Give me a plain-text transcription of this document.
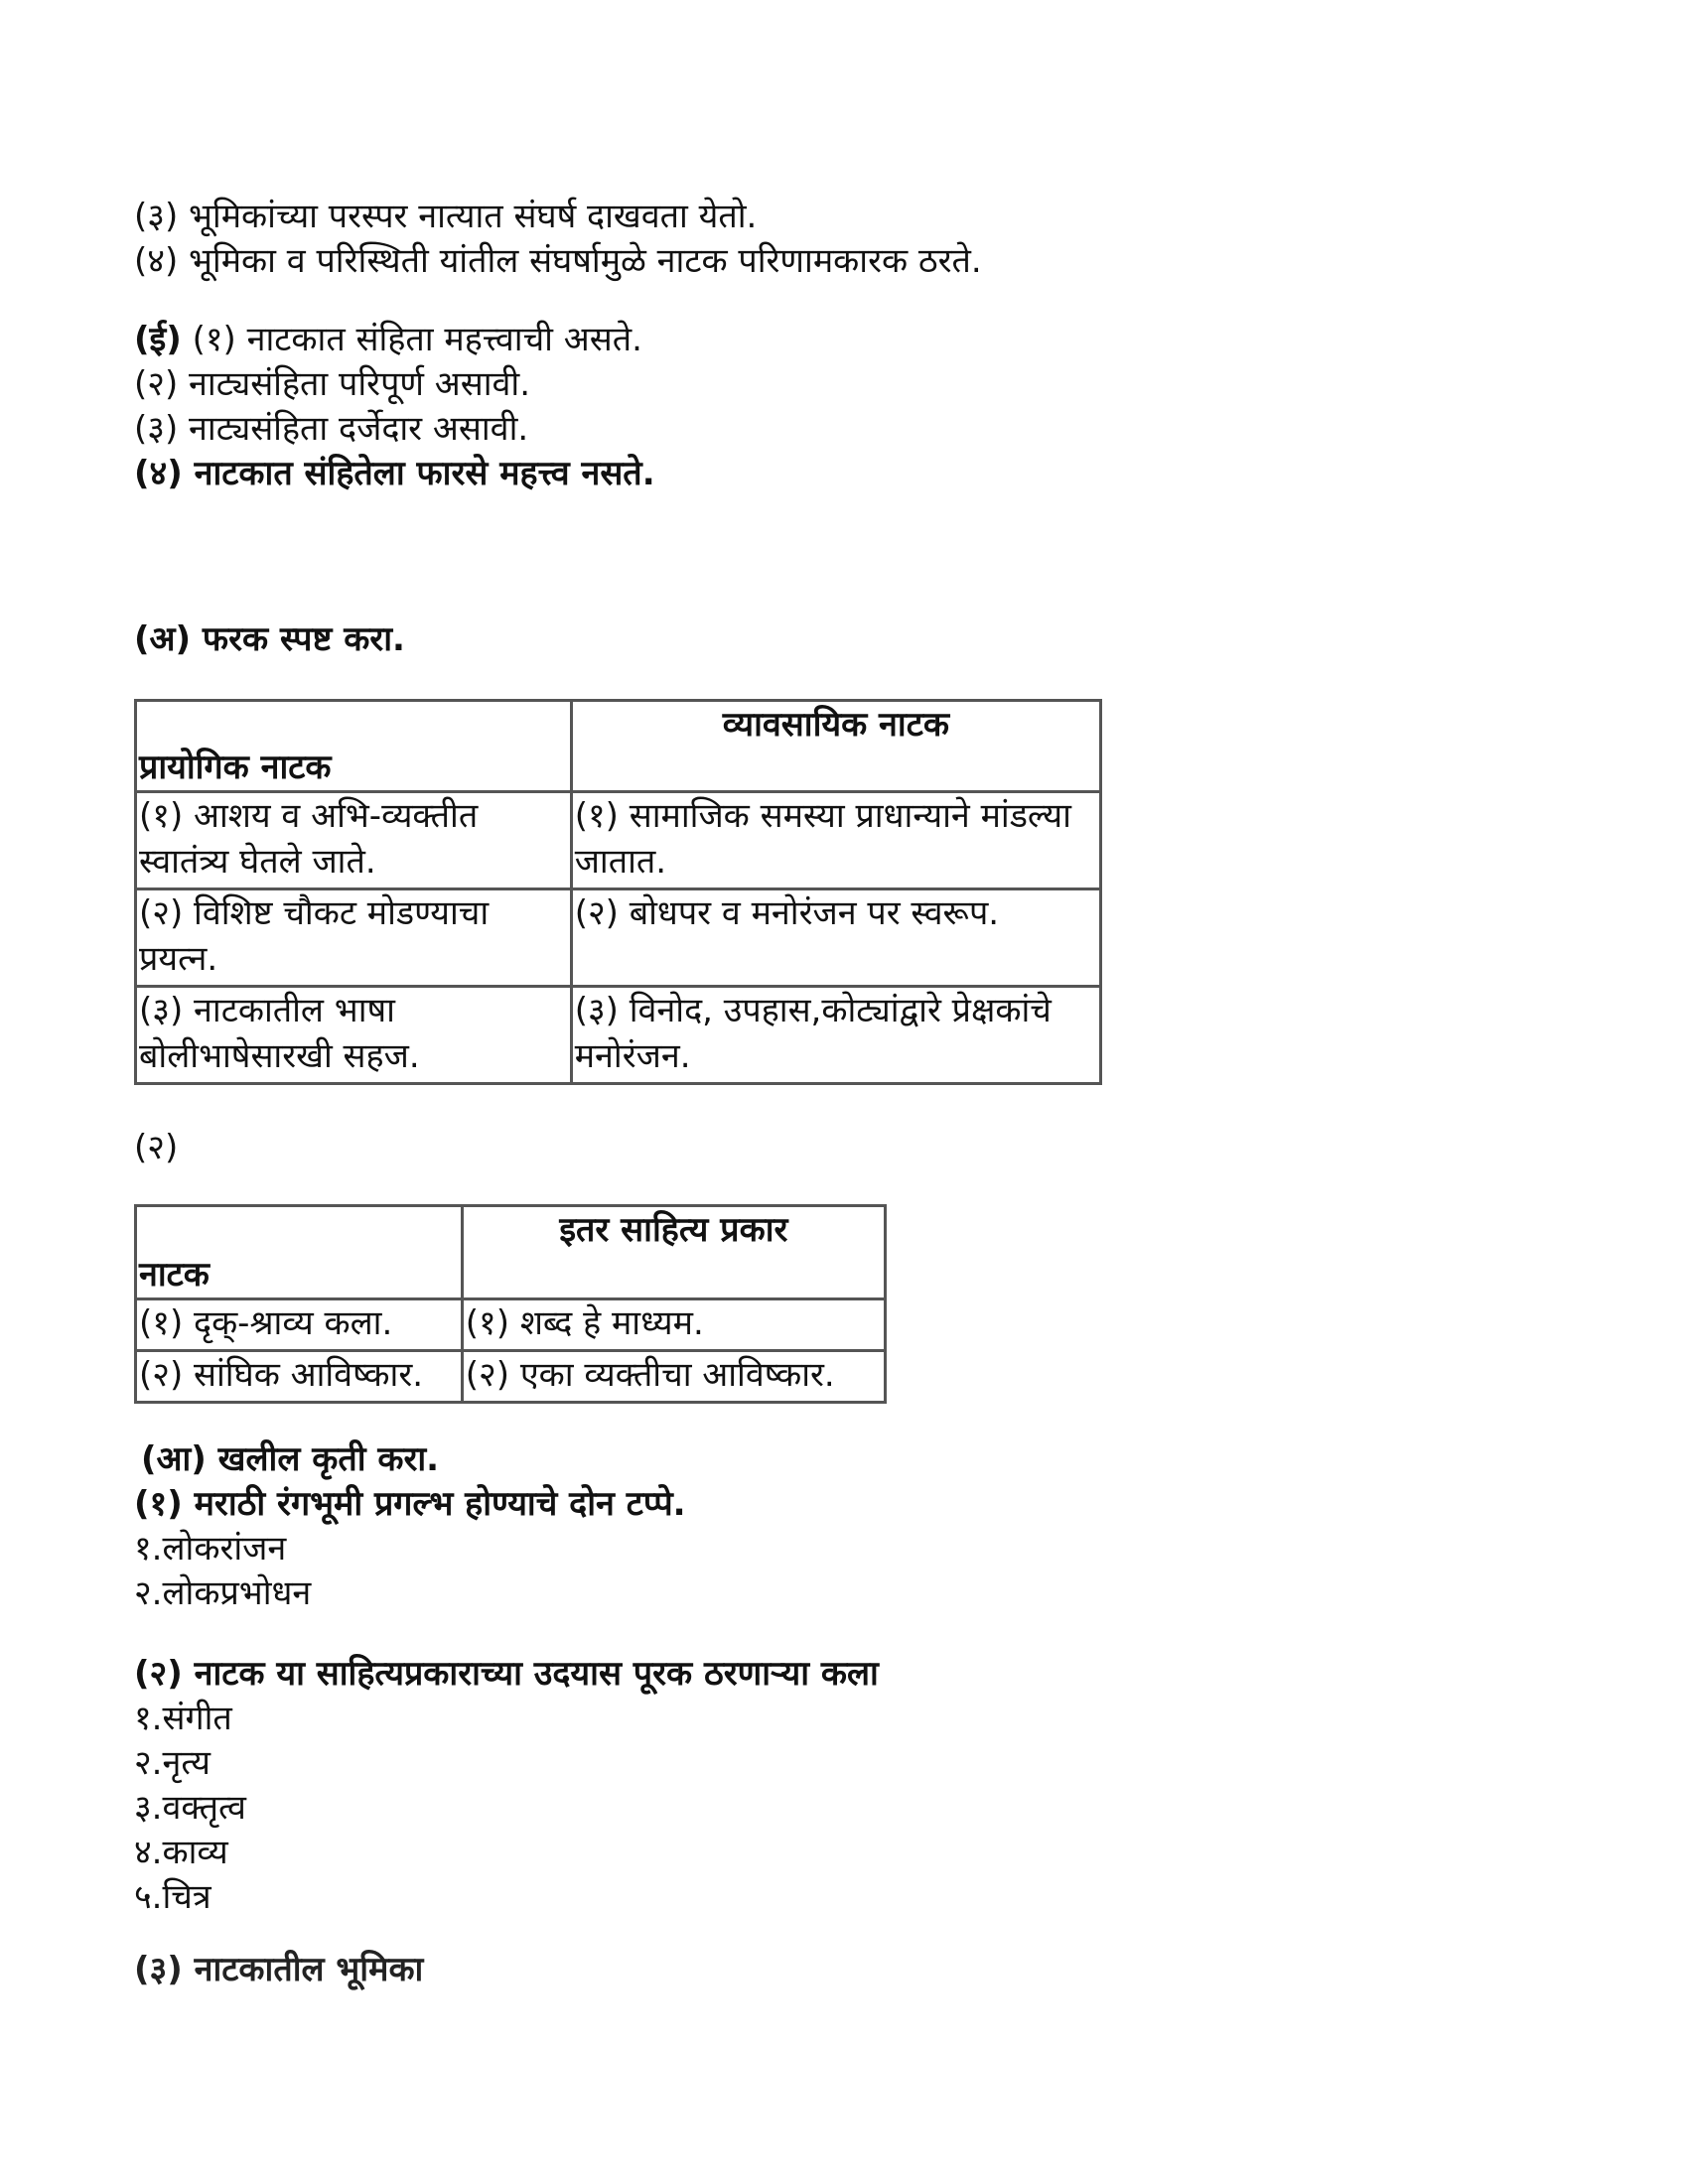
(३) भूमिकांच्या परस्पर नात्यात संघर्ष दाखवता येतो.
(४) भूमिका व परिस्थिती यांतील संघर्षामुळे नाटक परिणामकारक ठरते.
(ई) (१) नाटकात संहिता महत्त्वाची असते.
(२) नाट्यसंहिता परिपूर्ण असावी.
(३) नाट्यसंहिता दर्जेदार असावी.
(४) नाटकात संहितेला फारसे महत्त्व नसते.
(अ) फरक स्पष्ट करा.
प्रायोगिक नाटक	व्यावसायिक नाटक
(१) आशय व अभि-व्यक्तीत स्वातंत्र्य घेतले जाते.	(१) सामाजिक समस्या प्राधान्याने मांडल्या जातात.
(२) विशिष्ट चौकट मोडण्याचा प्रयत्न.	(२) बोधपर व मनोरंजन पर स्वरूप.
(३) नाटकातील भाषा बोलीभाषेसारखी सहज.	(३) विनोद, उपहास,कोट्यांद्वारे प्रेक्षकांचे मनोरंजन.
(२)
नाटक	इतर साहित्य प्रकार
(१) दृक्-श्राव्य कला.	(१) शब्द हे माध्यम.
(२) सांघिक आविष्कार.	(२) एका व्यक्तीचा आविष्कार.
(आ) खलील कृती करा.
(१) मराठी रंगभूमी प्रगल्भ होण्याचे दोन टप्पे.
१.लोकरांजन
२.लोकप्रभोधन
(२) नाटक या साहित्यप्रकाराच्या उदयास पूरक ठरणाऱ्या कला
१.संगीत
२.नृत्य
३.वक्तृत्व
४.काव्य
५.चित्र
(३) नाटकातील भूमिका
